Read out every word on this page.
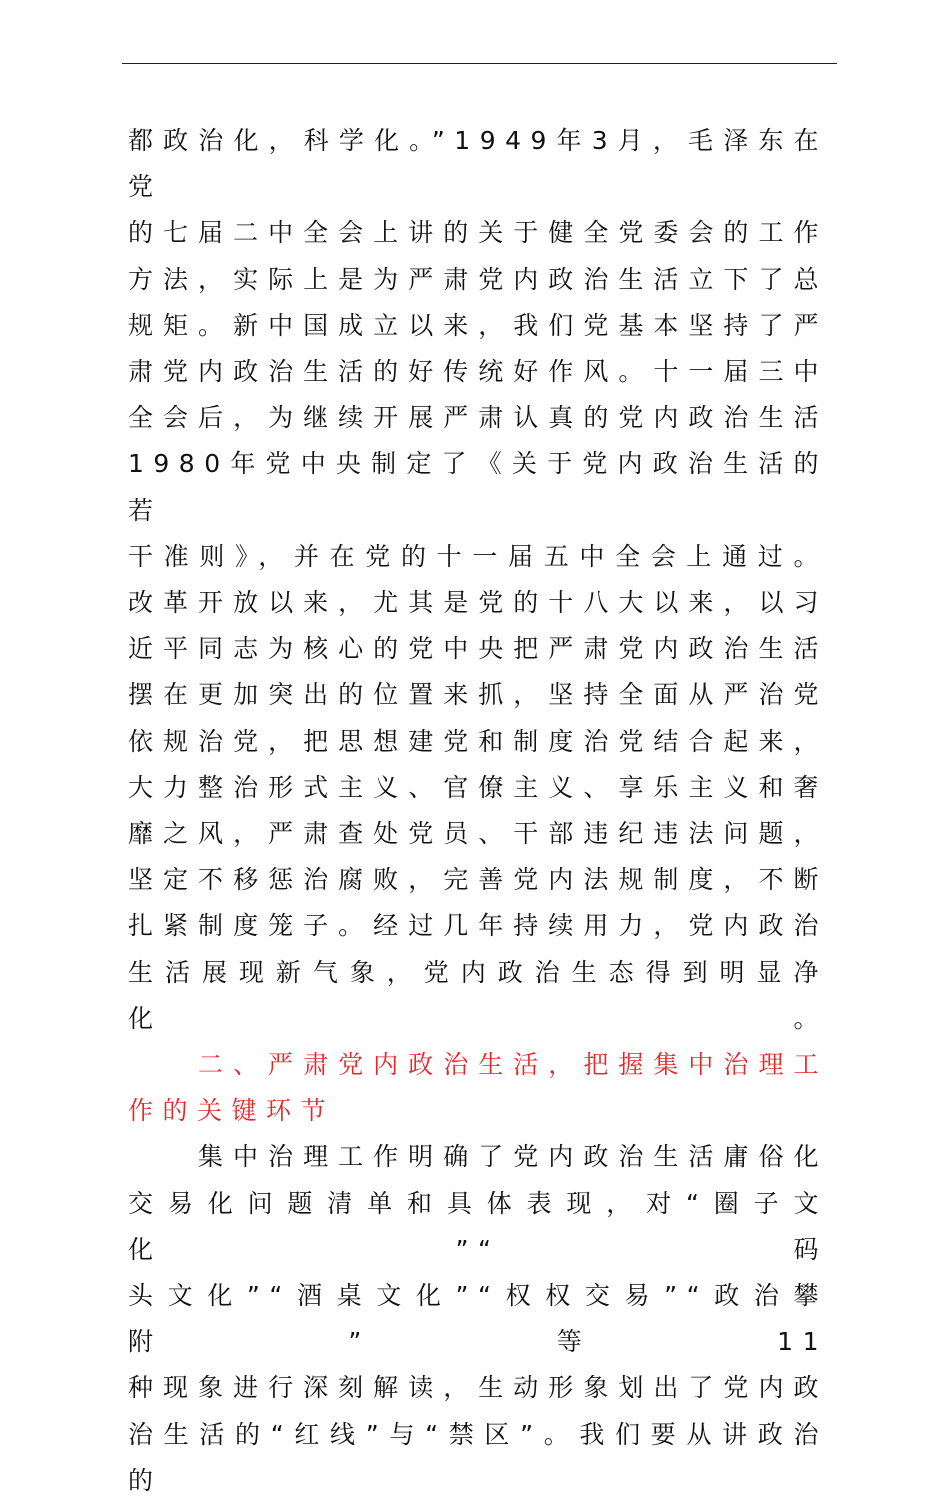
都政治化，科学化。”1949年3月，毛泽东在党
的七届二中全会上讲的关于健全党委会的工作
方法，实际上是为严肃党内政治生活立下了总
规矩。新中国成立以来，我们党基本坚持了严
肃党内政治生活的好传统好作风。十一届三中
全会后，为继续开展严肃认真的党内政治生活
1980年党中央制定了《关于党内政治生活的若
干准则》，并在党的十一届五中全会上通过。
改革开放以来，尤其是党的十八大以来，以习
近平同志为核心的党中央把严肃党内政治生活
摆在更加突出的位置来抓，坚持全面从严治党
依规治党，把思想建党和制度治党结合起来，
大力整治形式主义、官僚主义、享乐主义和奢
靡之风，严肃查处党员、干部违纪违法问题，
坚定不移惩治腐败，完善党内法规制度，不断
扎紧制度笼子。经过几年持续用力，党内政治
生活展现新气象，党内政治生态得到明显净化。
二、严肃党内政治生活，把握集中治理工
作的关键环节
集中治理工作明确了党内政治生活庸俗化
交易化问题清单和具体表现，对“圈子文化”“码
头文化”“酒桌文化”“权权交易”“政治攀附”等11
种现象进行深刻解读，生动形象划出了党内政
治生活的“红线”与“禁区”。我们要从讲政治的
